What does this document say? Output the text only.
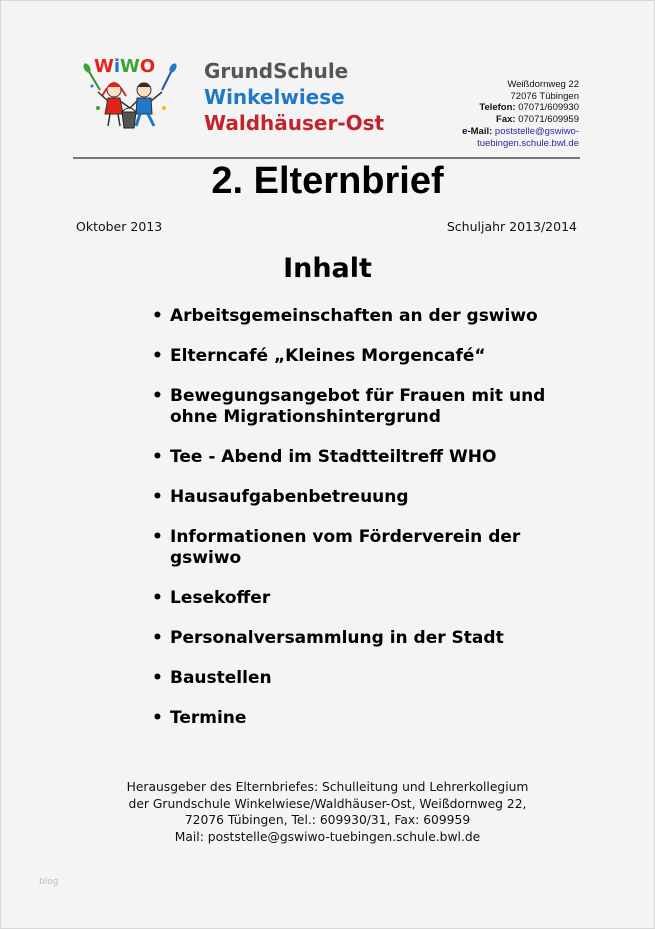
WiWO GrundSchule
Winkelwiese
Waldhäuser-Ost
Weißdornweg 22
72076 Tübingen
Telefon: 07071/609930
Fax: 07071/609959
e-Mail: poststelle@gswiwo-
tuebingen.schule.bwl.de
2. Elternbrief
Oktober 2013	Schuljahr 2013/2014
Inhalt
• Arbeitsgemeinschaften an der gswiwo
• Elterncafé „Kleines Morgencafé“
• Bewegungsangebot für Frauen mit und ohne Migrationshintergrund
• Tee - Abend im Stadtteiltreff WHO
• Hausaufgabenbetreuung
• Informationen vom Förderverein der gswiwo
• Lesekoffer
• Personalversammlung in der Stadt
• Baustellen
• Termine
Herausgeber des Elternbriefes: Schulleitung und Lehrerkollegium
der Grundschule Winkelwiese/Waldhäuser-Ost, Weißdornweg 22,
72076 Tübingen, Tel.: 609930/31, Fax: 609959
Mail: poststelle@gswiwo-tuebingen.schule.bwl.de
blog
